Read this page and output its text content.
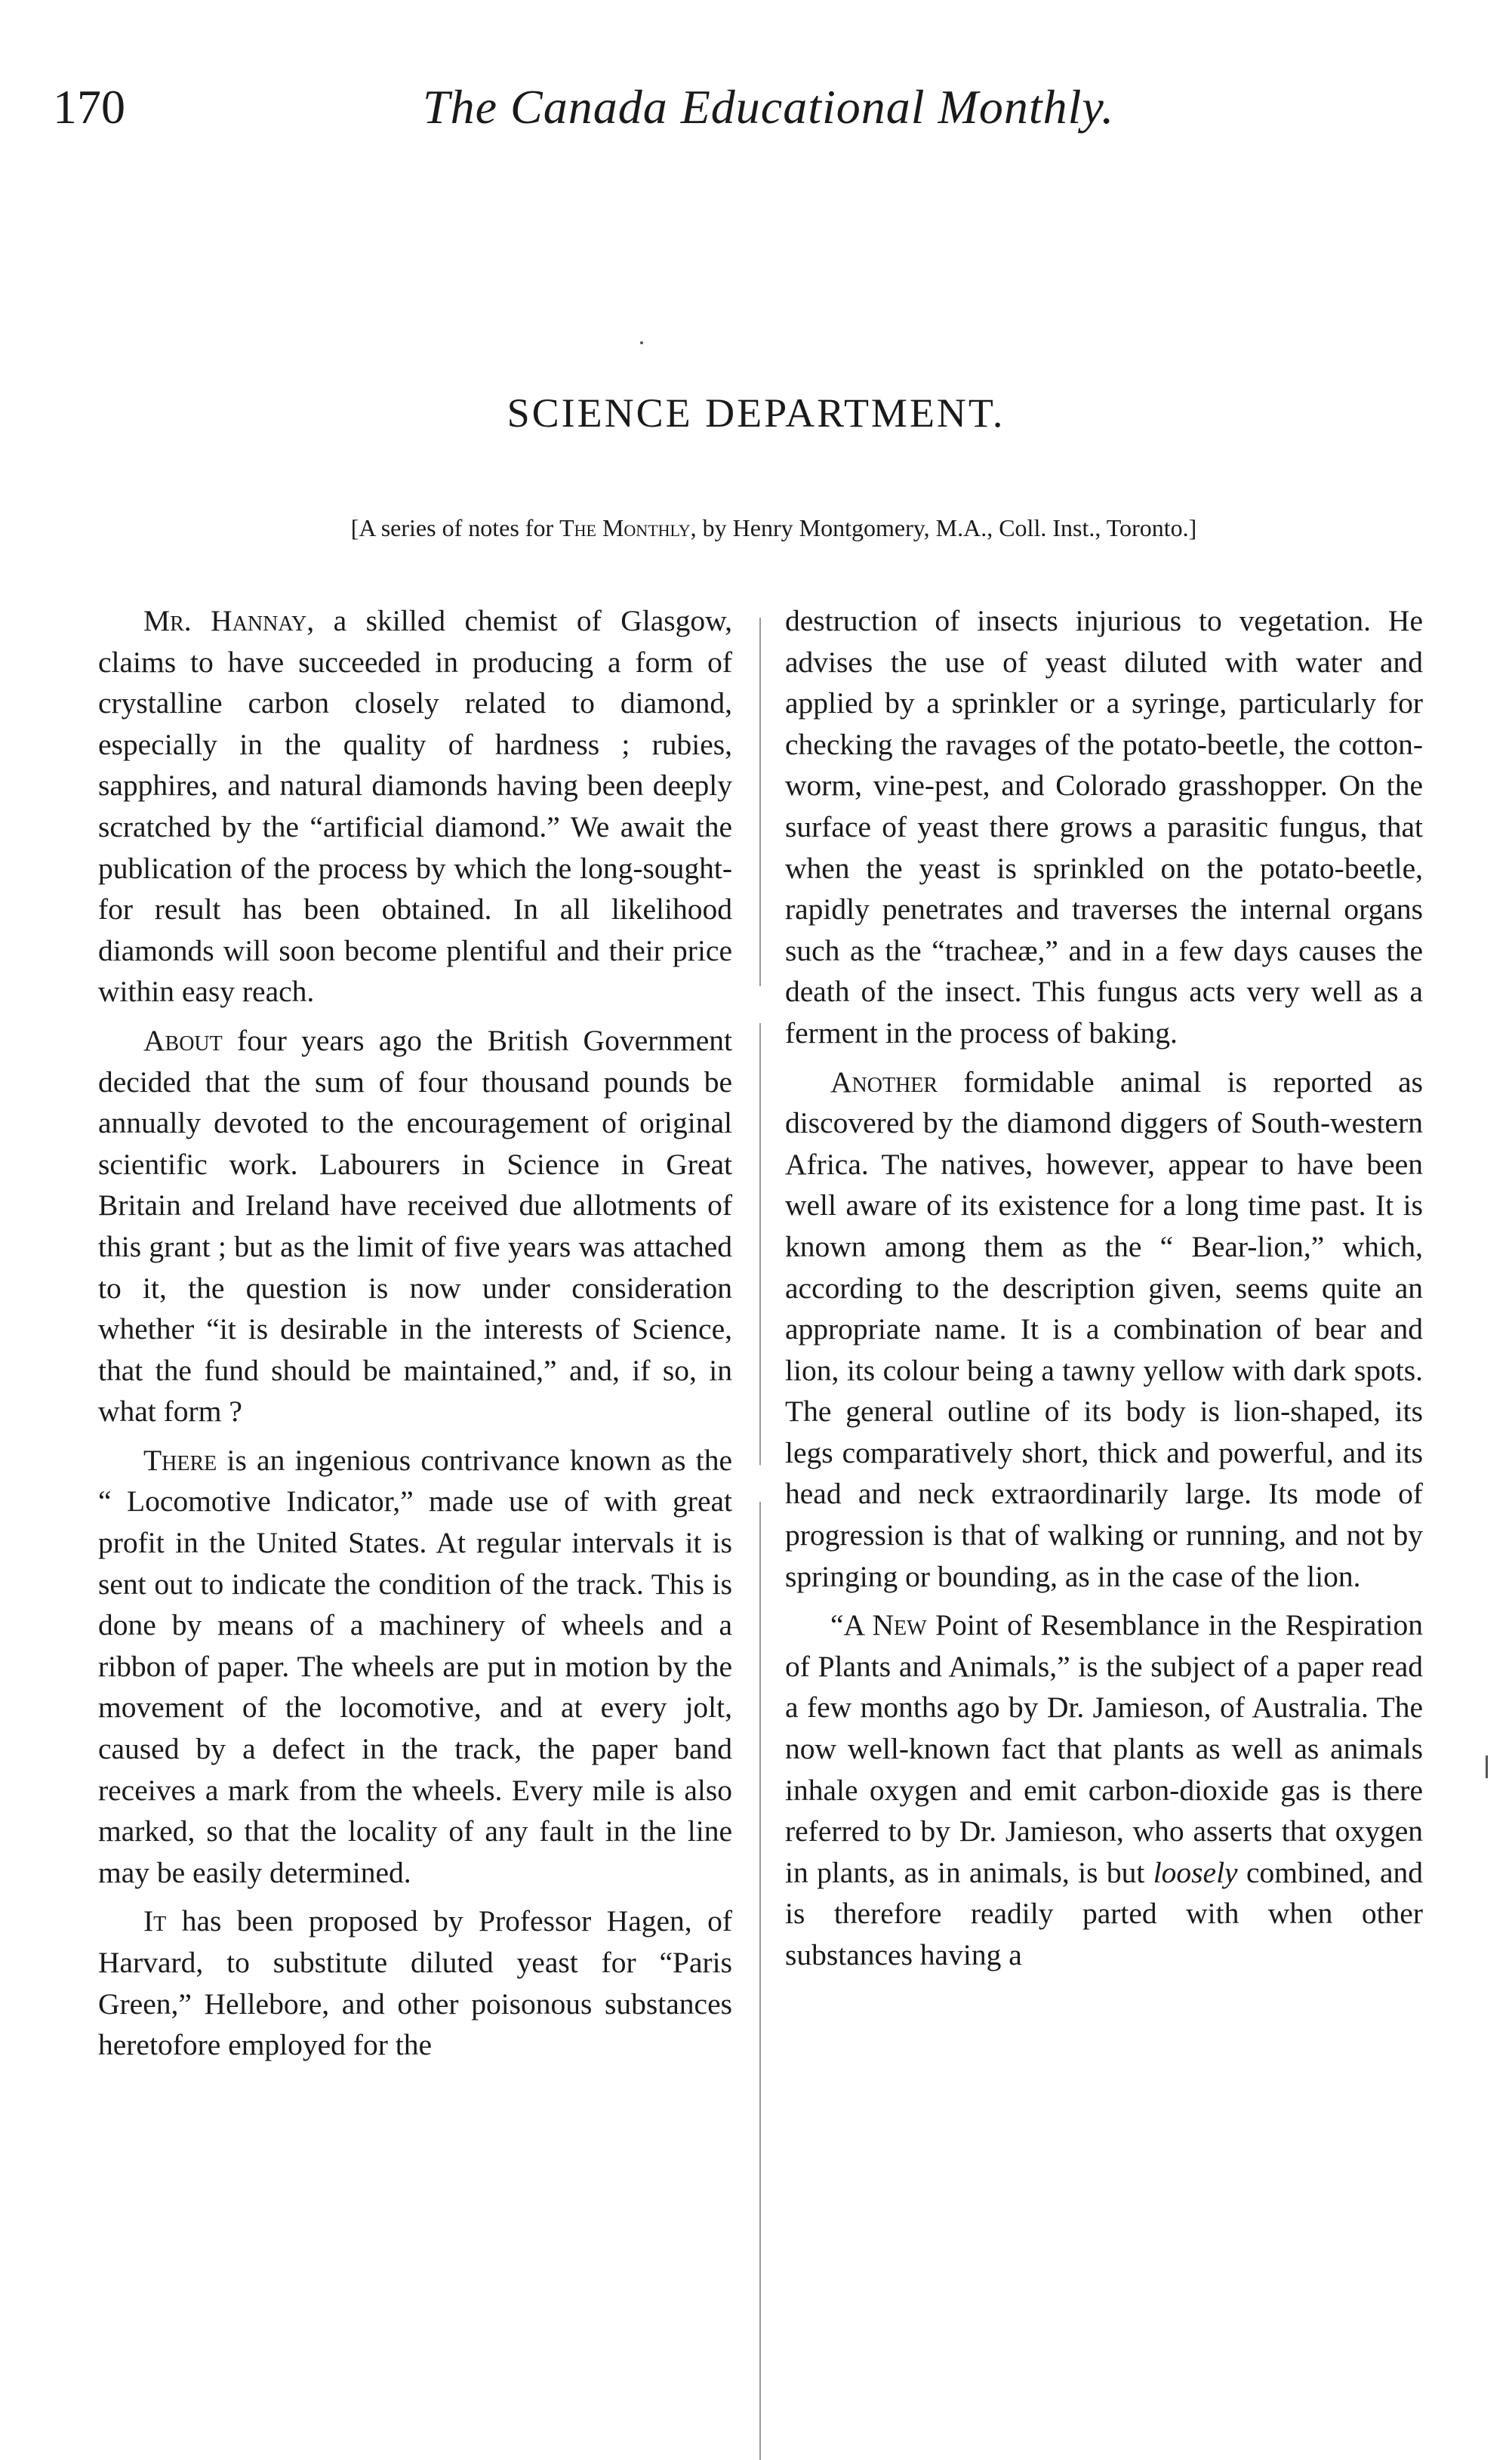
170	The Canada Educational Monthly.
SCIENCE DEPARTMENT.
[A series of notes for The Monthly, by Henry Montgomery, M.A., Coll. Inst., Toronto.]

Mr. Hannay, a skilled chemist of Glasgow, claims to have succeeded in producing a form of crystalline carbon closely related to diamond, especially in the quality of hardness ; rubies, sapphires, and natural diamonds having been deeply scratched by the “artificial diamond.” We await the publication of the process by which the long-sought-for result has been obtained. In all likelihood diamonds will soon become plentiful and their price within easy reach.

About four years ago the British Government decided that the sum of four thousand pounds be annually devoted to the encouragement of original scientific work. Labourers in Science in Great Britain and Ireland have received due allotments of this grant ; but as the limit of five years was attached to it, the question is now under consideration whether “it is desirable in the interests of Science, that the fund should be maintained,” and, if so, in what form ?

There is an ingenious contrivance known as the “ Locomotive Indicator,” made use of with great profit in the United States. At regular intervals it is sent out to indicate the condition of the track. This is done by means of a machinery of wheels and a ribbon of paper. The wheels are put in motion by the movement of the locomotive, and at every jolt, caused by a defect in the track, the paper band receives a mark from the wheels. Every mile is also marked, so that the locality of any fault in the line may be easily determined.

It has been proposed by Professor Hagen, of Harvard, to substitute diluted yeast for “Paris Green,” Hellebore, and other poisonous substances heretofore employed for the

destruction of insects injurious to vegetation. He advises the use of yeast diluted with water and applied by a sprinkler or a syringe, particularly for checking the ravages of the potato-beetle, the cotton-worm, vine-pest, and Colorado grasshopper. On the surface of yeast there grows a parasitic fungus, that when the yeast is sprinkled on the potato-beetle, rapidly penetrates and traverses the internal organs such as the “tracheæ,” and in a few days causes the death of the insect. This fungus acts very well as a ferment in the process of baking.

Another formidable animal is reported as discovered by the diamond diggers of South-western Africa. The natives, however, appear to have been well aware of its existence for a long time past. It is known among them as the “ Bear-lion,” which, according to the description given, seems quite an appropriate name. It is a combination of bear and lion, its colour being a tawny yellow with dark spots. The general outline of its body is lion-shaped, its legs comparatively short, thick and powerful, and its head and neck extraordinarily large. Its mode of progression is that of walking or running, and not by springing or bounding, as in the case of the lion.

“A New Point of Resemblance in the Respiration of Plants and Animals,” is the subject of a paper read a few months ago by Dr. Jamieson, of Australia. The now well-known fact that plants as well as animals inhale oxygen and emit carbon-dioxide gas is there referred to by Dr. Jamieson, who asserts that oxygen in plants, as in animals, is but loosely combined, and is therefore readily parted with when other substances having a
